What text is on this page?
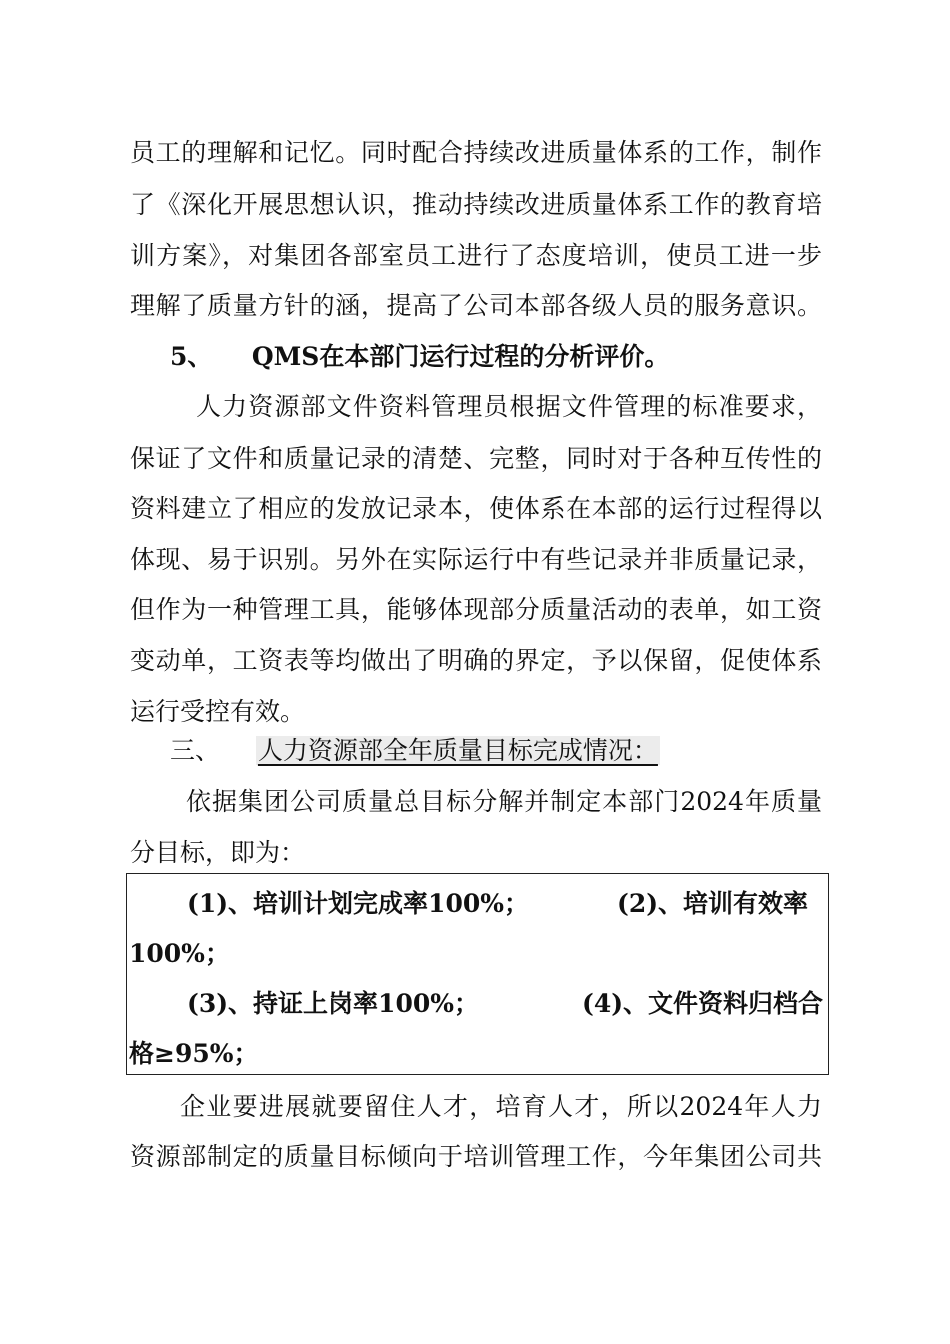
员工的理解和记忆。同时配合持续改进质量体系的工作，制作
了《深化开展思想认识，推动持续改进质量体系工作的教育培
训方案》，对集团各部室员工进行了态度培训，使员工进一步
理解了质量方针的涵，提高了公司本部各级人员的服务意识。
5、 QMS在本部门运行过程的分析评价。
人力资源部文件资料管理员根据文件管理的标准要求，
保证了文件和质量记录的清楚、完整，同时对于各种互传性的
资料建立了相应的发放记录本，使体系在本部的运行过程得以
体现、易于识别。另外在实际运行中有些记录并非质量记录，
但作为一种管理工具，能够体现部分质量活动的表单，如工资
变动单，工资表等均做出了明确的界定，予以保留，促使体系
运行受控有效。
三、 人力资源部全年质量目标完成情况：
依据集团公司质量总目标分解并制定本部门2024年质量
分目标，即为：
(1)、培训计划完成率100%；	(2)、培训有效率
100%；
(3)、持证上岗率100%；	(4)、文件资料归档合
格≥95%；
企业要进展就要留住人才，培育人才，所以2024年人力
资源部制定的质量目标倾向于培训管理工作，今年集团公司共
